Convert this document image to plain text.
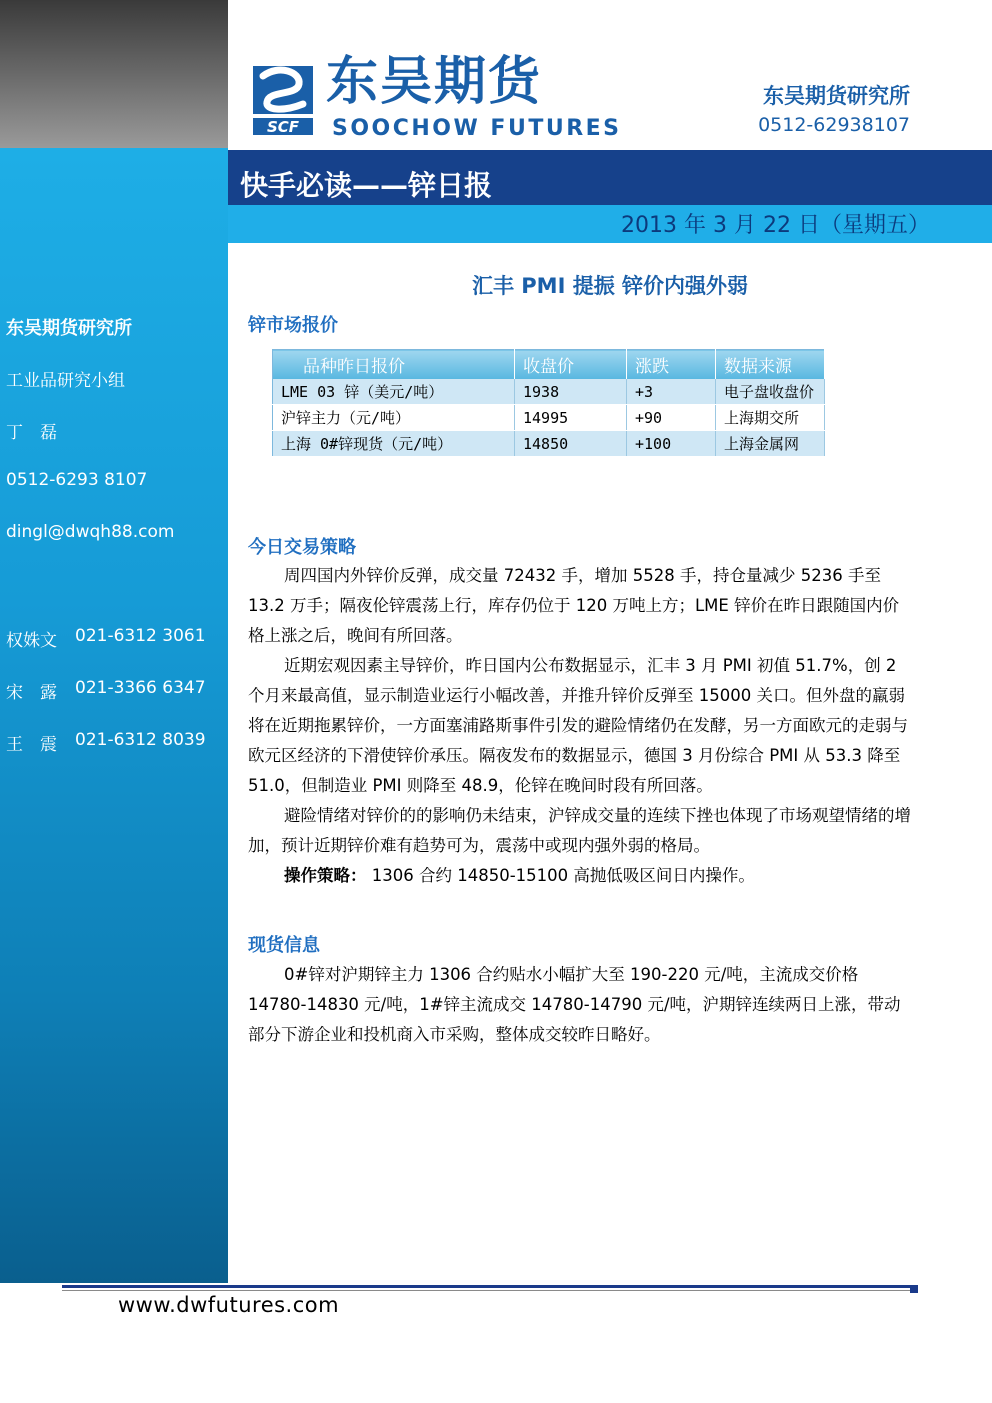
东吴期货研究所
工业品研究小组
丁　磊
0512-6293 8107
dingl@dwqh88.com
权姝文 021-6312 3061
宋　露 021-3366 6347
王　震 021-6312 8039
SCF
东吴期货
SOOCHOW FUTURES
东吴期货研究所
0512-62938107
快手必读——锌日报
2013 年 3 月 22 日（星期五）
汇丰 PMI 提振 锌价内强外弱
锌市场报价
品种昨日报价	收盘价	涨跌	数据来源
LME 03 锌（美元/吨）	1938	+3	电子盘收盘价
沪锌主力（元/吨）	14995	+90	上海期交所
上海 0#锌现货（元/吨）	14850	+100	上海金属网
今日交易策略

周四国内外锌价反弹，成交量 72432 手，增加 5528 手，持仓量减少 5236 手至 13.2 万手；隔夜伦锌震荡上行，库存仍位于 120 万吨上方；LME 锌价在昨日跟随国内价格上涨之后，晚间有所回落。

近期宏观因素主导锌价，昨日国内公布数据显示，汇丰 3 月 PMI 初值 51.7%，创 2 个月来最高值，显示制造业运行小幅改善，并推升锌价反弹至 15000 关口。但外盘的羸弱将在近期拖累锌价，一方面塞浦路斯事件引发的避险情绪仍在发酵，另一方面欧元的走弱与欧元区经济的下滑使锌价承压。隔夜发布的数据显示，德国 3 月份综合 PMI 从 53.3 降至 51.0，但制造业 PMI 则降至 48.9，伦锌在晚间时段有所回落。

避险情绪对锌价的的影响仍未结束，沪锌成交量的连续下挫也体现了市场观望情绪的增加，预计近期锌价难有趋势可为，震荡中或现内强外弱的格局。

操作策略： 1306 合约 14850-15100 高抛低吸区间日内操作。

现货信息

0#锌对沪期锌主力 1306 合约贴水小幅扩大至 190-220 元/吨，主流成交价格 14780-14830 元/吨，1#锌主流成交 14780-14790 元/吨，沪期锌连续两日上涨，带动部分下游企业和投机商入市采购，整体成交较昨日略好。

www.dwfutures.com
